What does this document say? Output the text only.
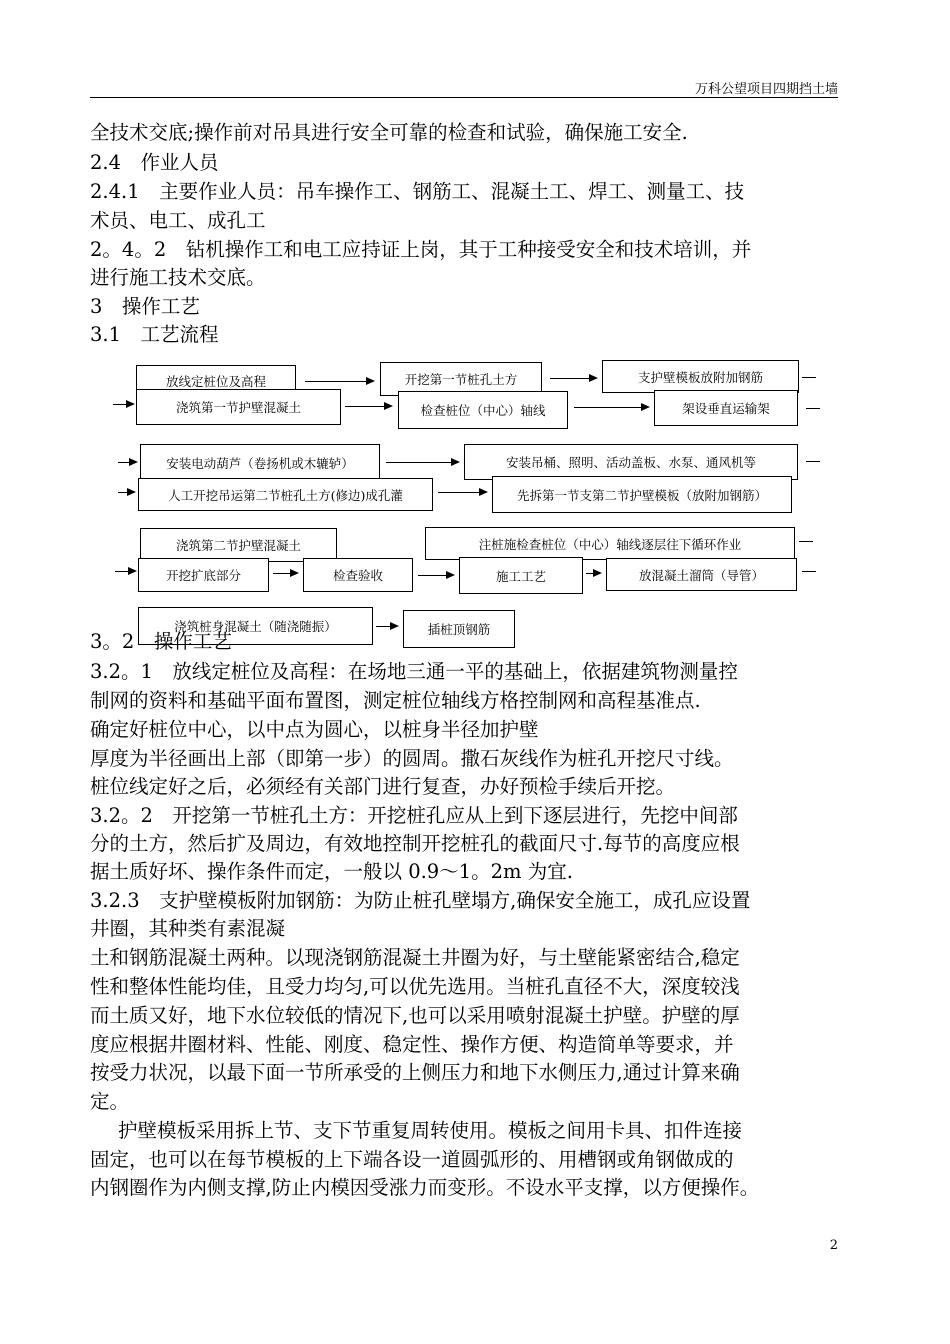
万科公望项目四期挡土墙
全技术交底;操作前对吊具进行安全可靠的检查和试验，确保施工安全.
2.4　作业人员
2.4.1　主要作业人员：吊车操作工、钢筋工、混凝土工、焊工、测量工、技
术员、电工、成孔工
2。4。2　钻机操作工和电工应持证上岗，其于工种接受安全和技术培训，并
进行施工技术交底。
3　操作工艺
3.1　工艺流程
放线定桩位及高程	开挖第一节桩孔土方	支护壁模板放附加钢筋
浇筑第一节护壁混凝土	检查桩位（中心）轴线	架设垂直运输架
安装电动葫芦（卷扬机或木辘轳）	安装吊桶、照明、活动盖板、水泵、通风机等
人工开挖吊运第二节桩孔土方(修边)成孔灌	先拆第一节支第二节护壁模板（放附加钢筋）
浇筑第二节护壁混凝土	注桩施检查桩位（中心）轴线逐层往下循环作业
开挖扩底部分	检查验收	施工工艺	放混凝土溜筒（导管）
浇筑桩身混凝土（随浇随振）	插桩顶钢筋
3。2　操作工艺
3.2。1　放线定桩位及高程：在场地三通一平的基础上，依据建筑物测量控
制网的资料和基础平面布置图，测定桩位轴线方格控制网和高程基准点.
确定好桩位中心，以中点为圆心，以桩身半径加护壁
厚度为半径画出上部（即第一步）的圆周。撒石灰线作为桩孔开挖尺寸线。
桩位线定好之后，必须经有关部门进行复查，办好预检手续后开挖。
3.2。2　开挖第一节桩孔土方：开挖桩孔应从上到下逐层进行，先挖中间部
分的土方，然后扩及周边，有效地控制开挖桩孔的截面尺寸.每节的高度应根
据土质好坏、操作条件而定，一般以 0.9～1。2m 为宜.
3.2.3　支护壁模板附加钢筋：为防止桩孔壁塌方,确保安全施工，成孔应设置
井圈，其种类有素混凝
土和钢筋混凝土两种。以现浇钢筋混凝土井圈为好，与土壁能紧密结合,稳定
性和整体性能均佳，且受力均匀,可以优先选用。当桩孔直径不大，深度较浅
而土质又好，地下水位较低的情况下,也可以采用喷射混凝土护壁。护壁的厚
度应根据井圈材料、性能、刚度、稳定性、操作方便、构造简单等要求，并
按受力状况，以最下面一节所承受的上侧压力和地下水侧压力,通过计算来确
定。
护壁模板采用拆上节、支下节重复周转使用。模板之间用卡具、扣件连接
固定，也可以在每节模板的上下端各设一道圆弧形的、用槽钢或角钢做成的
内钢圈作为内侧支撑,防止内模因受涨力而变形。不设水平支撑，以方便操作。
2
